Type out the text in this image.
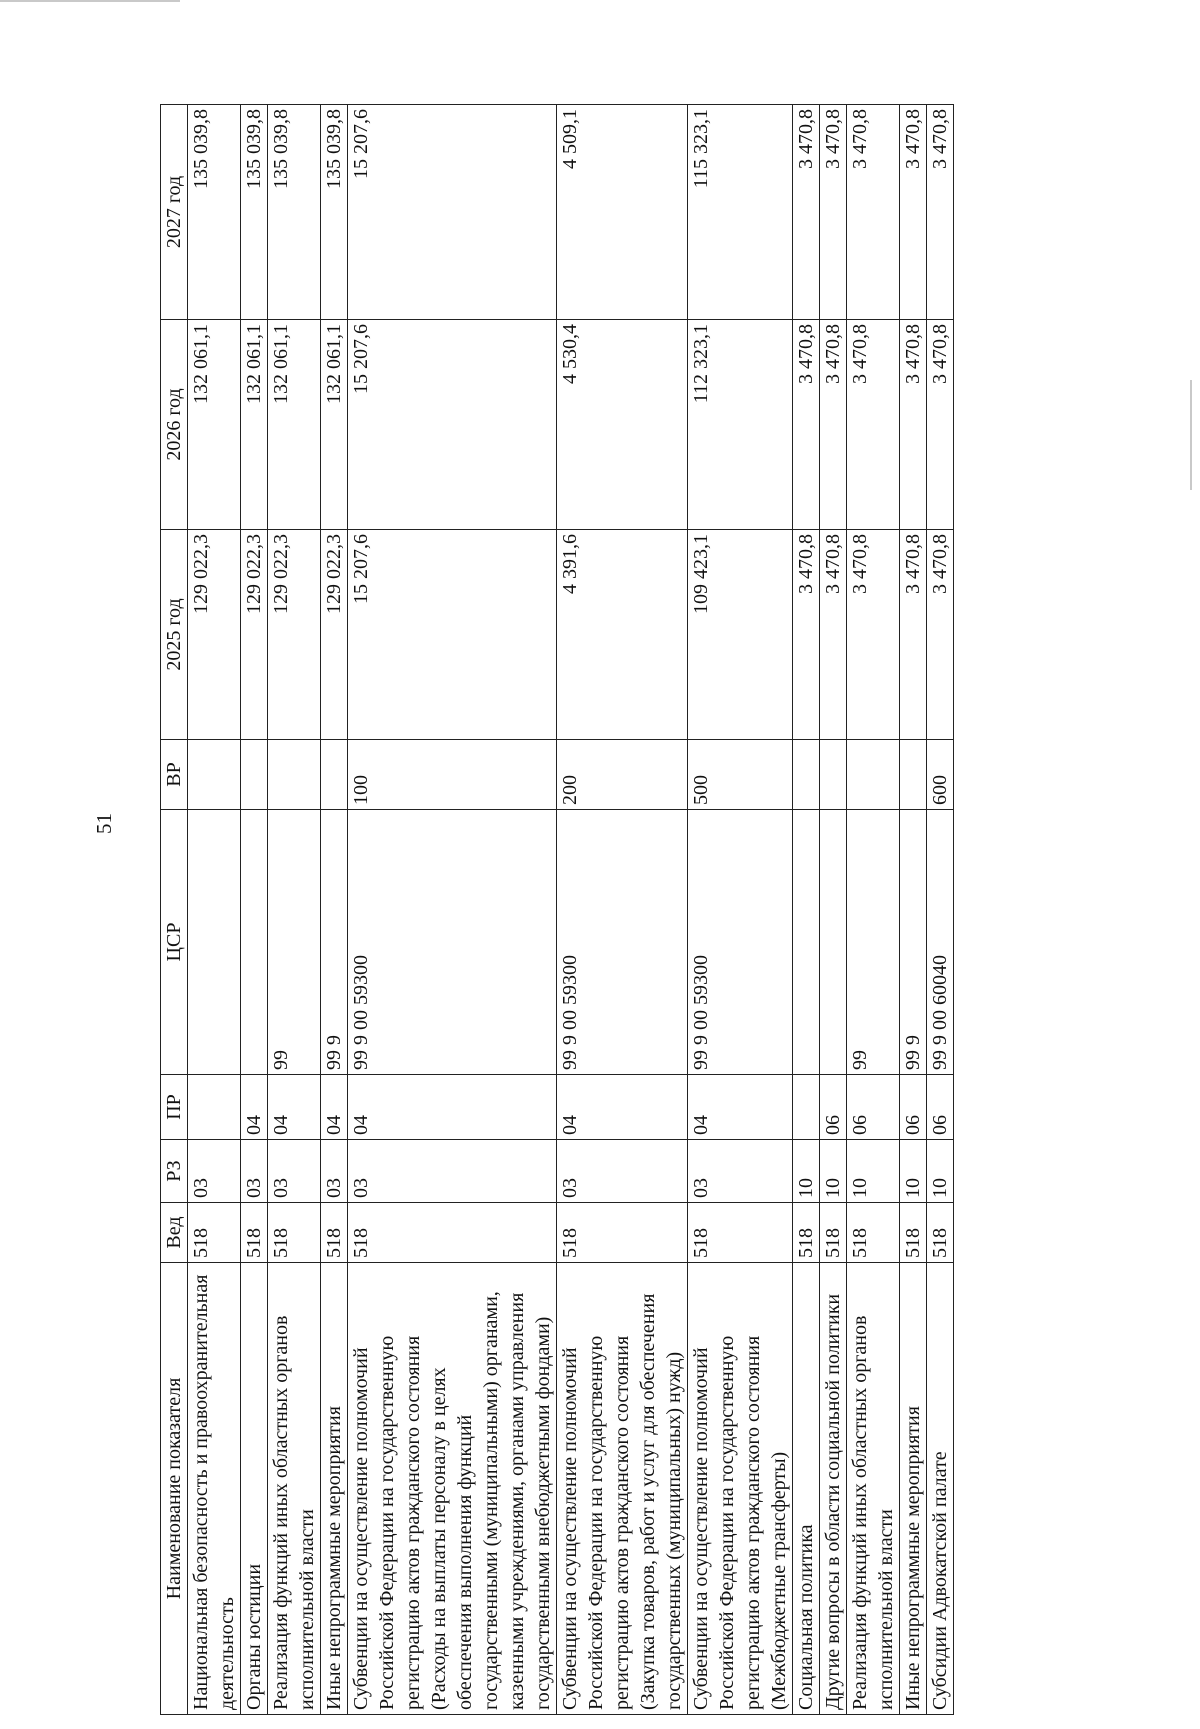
51
Наименование показателя	Вед	РЗ	ПР	ЦСР	ВР	2025 год	2026 год	2027 год
Национальная безопасность и правоохранительная деятельность	518	03				129 022,3	132 061,1	135 039,8
Органы юстиции	518	03	04			129 022,3	132 061,1	135 039,8
Реализация функций иных областных органов исполнительной власти	518	03	04	99		129 022,3	132 061,1	135 039,8
Иные непрограммные мероприятия	518	03	04	99 9		129 022,3	132 061,1	135 039,8
Субвенции на осуществление полномочий Российской Федерации на государственную регистрацию актов гражданского состояния (Расходы на выплаты персоналу в целях обеспечения выполнения функций государственными (муниципальными) органами, казенными учреждениями, органами управления государственными внебюджетными фондами)	518	03	04	99 9 00 59300	100	15 207,6	15 207,6	15 207,6
Субвенции на осуществление полномочий Российской Федерации на государственную регистрацию актов гражданского состояния (Закупка товаров, работ и услуг для обеспечения государственных (муниципальных) нужд)	518	03	04	99 9 00 59300	200	4 391,6	4 530,4	4 509,1
Субвенции на осуществление полномочий Российской Федерации на государственную регистрацию актов гражданского состояния (Межбюджетные трансферты)	518	03	04	99 9 00 59300	500	109 423,1	112 323,1	115 323,1
Социальная политика	518	10				3 470,8	3 470,8	3 470,8
Другие вопросы в области социальной политики	518	10	06			3 470,8	3 470,8	3 470,8
Реализация функций иных областных органов исполнительной власти	518	10	06	99		3 470,8	3 470,8	3 470,8
Иные непрограммные мероприятия	518	10	06	99 9		3 470,8	3 470,8	3 470,8
Субсидии Адвокатской палате	518	10	06	99 9 00 60040	600	3 470,8	3 470,8	3 470,8
